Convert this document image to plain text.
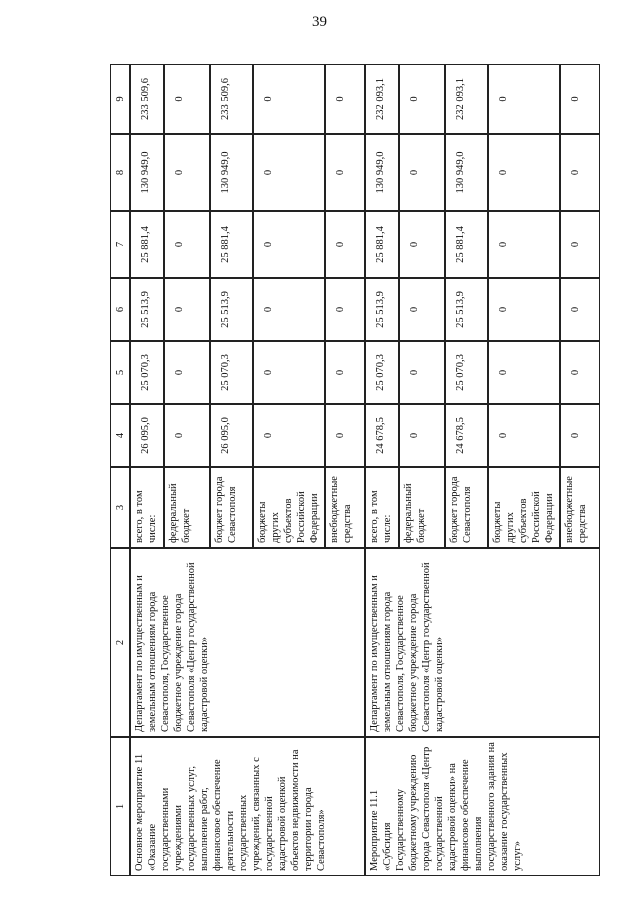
39
1
2
3
4
5
6
7
8
9
Основное мероприятие 11 «Оказание государственными учреждениями государственных услуг, выполнение работ, финансовое обеспечение деятельности государственных учреждений, связанных с государственной кадастровой оценкой объектов недвижимости на территории города Севастополя»
Департамент по имущественным и земельным отношениям города Севастополя, Государственное бюджетное учреждение города Севастополя «Центр государственной кадастровой оценки»
всего, в том числе:
26 095,0
25 070,3
25 513,9
25 881,4
130 949,0
233 509,6
федеральный бюджет
0
0
0
0
0
0
бюджет города Севастополя
26 095,0
25 070,3
25 513,9
25 881,4
130 949,0
233 509,6
бюджеты других субъектов Российской Федерации
0
0
0
0
0
0
внебюджетные средства
0
0
0
0
0
0
Мероприятие 11.1 «Субсидия Государственному бюджетному учреждению города Севастополя «Центр государственной кадастровой оценки» на финансовое обеспечение выполнения государственного задания на оказание государственных услуг»
Департамент по имущественным и земельным отношениям города Севастополя, Государственное бюджетное учреждение города Севастополя «Центр государственной кадастровой оценки»
всего, в том числе:
24 678,5
25 070,3
25 513,9
25 881,4
130 949,0
232 093,1
федеральный бюджет
0
0
0
0
0
0
бюджет города Севастополя
24 678,5
25 070,3
25 513,9
25 881,4
130 949,0
232 093,1
бюджеты других субъектов Российской Федерации
0
0
0
0
0
0
внебюджетные средства
0
0
0
0
0
0
